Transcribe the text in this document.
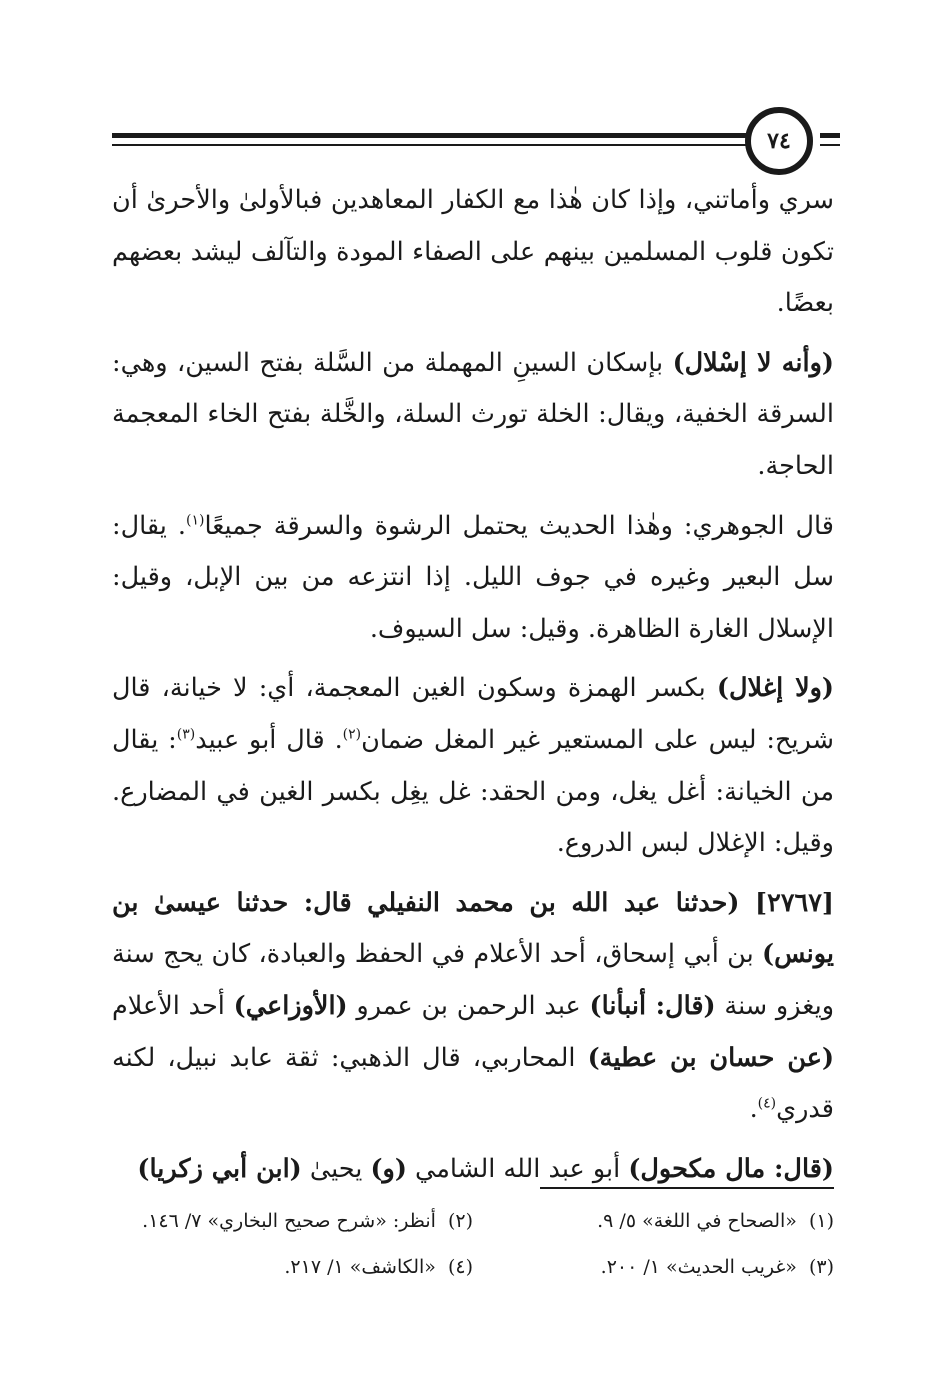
٧٤

سري وأماتني، وإذا كان هٰذا مع الكفار المعاهدين فبالأولىٰ والأحرىٰ أن تكون قلوب المسلمين بينهم على الصفاء المودة والتآلف ليشد بعضهم بعضًا.

(وأنه لا إسْلال) بإسكان السينِ المهملة من السَّلة بفتح السين، وهي: السرقة الخفية، ويقال: الخلة تورث السلة، والخَّلة بفتح الخاء المعجمة الحاجة.

قال الجوهري: وهٰذا الحديث يحتمل الرشوة والسرقة جميعًا$^{(١)}$. يقال: سل البعير وغيره في جوف الليل. إذا انتزعه من بين الإبل، وقيل: الإسلال الغارة الظاهرة. وقيل: سل السيوف.

(ولا إغلال) بكسر الهمزة وسكون الغين المعجمة، أي: لا خيانة، قال شريح: ليس على المستعير غير المغل ضمان$^{(٢)}$. قال أبو عبيد$^{(٣)}$: يقال من الخيانة: أغل يغل، ومن الحقد: غل يغِل بكسر الغين في المضارع. وقيل: الإغلال لبس الدروع.

[٢٧٦٧] (حدثنا عبد الله بن محمد النفيلي قال: حدثنا عيسىٰ بن يونس) بن أبي إسحاق، أحد الأعلام في الحفظ والعبادة، كان يحج سنة ويغزو سنة (قال: أنبأنا) عبد الرحمن بن عمرو (الأوزاعي) أحد الأعلام (عن حسان بن عطية) المحاربي، قال الذهبي: ثقة عابد نبيل، لكنه قدري$^{(٤)}$.

(قال: مال مكحول) أبو عبد الله الشامي (و) يحيىٰ (ابن أبي زكريا)

(١)«الصحاح في اللغة» ٥/ ٩.
(٢)أنظر: «شرح صحيح البخاري» ٧/ ١٤٦.
(٣)«غريب الحديث» ١/ ٢٠٠.
(٤)«الكاشف» ١/ ٢١٧.
